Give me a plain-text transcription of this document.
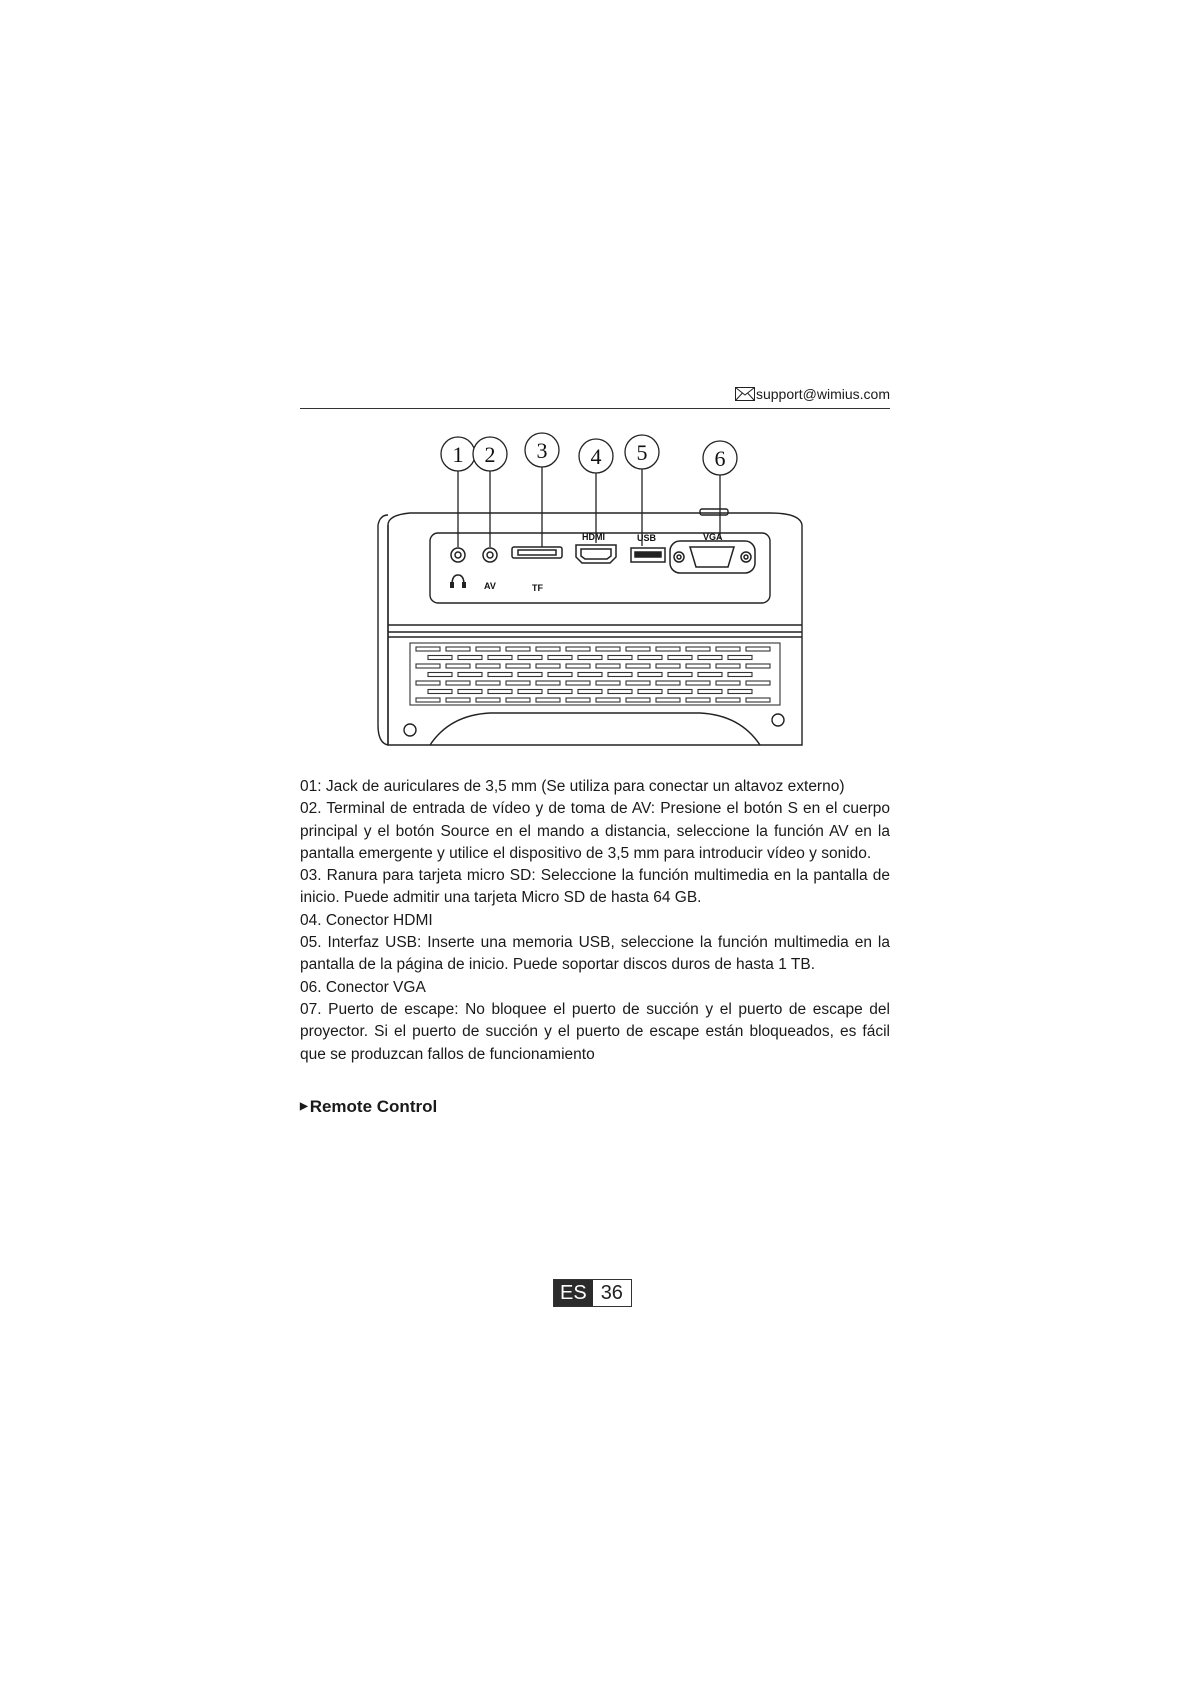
support@wimius.com
AV	TF
HDMI	USB	VGA
1 2 3 4 5	6

01: Jack de auriculares de 3,5 mm (Se utiliza para conectar un altavoz externo)

02. Terminal de entrada de vídeo y de toma de AV: Presione el botón S en el cuerpo principal y el botón Source en el mando a distancia, seleccione la función AV en la pantalla emergente y utilice el dispositivo de 3,5 mm para introducir vídeo y sonido.

03. Ranura para tarjeta micro SD: Seleccione la función multimedia en la pantalla de inicio. Puede admitir una tarjeta Micro SD de hasta 64 GB.

04. Conector HDMI

05. Interfaz USB: Inserte una memoria USB, seleccione la función multimedia en la pantalla de la página de inicio. Puede soportar discos duros de hasta 1 TB.

06. Conector VGA

07. Puerto de escape: No bloquee el puerto de succión y el puerto de escape del proyector. Si el puerto de succión y el puerto de escape están bloqueados, es fácil que se produzcan fallos de funcionamiento

▶ Remote Control
ES 36
